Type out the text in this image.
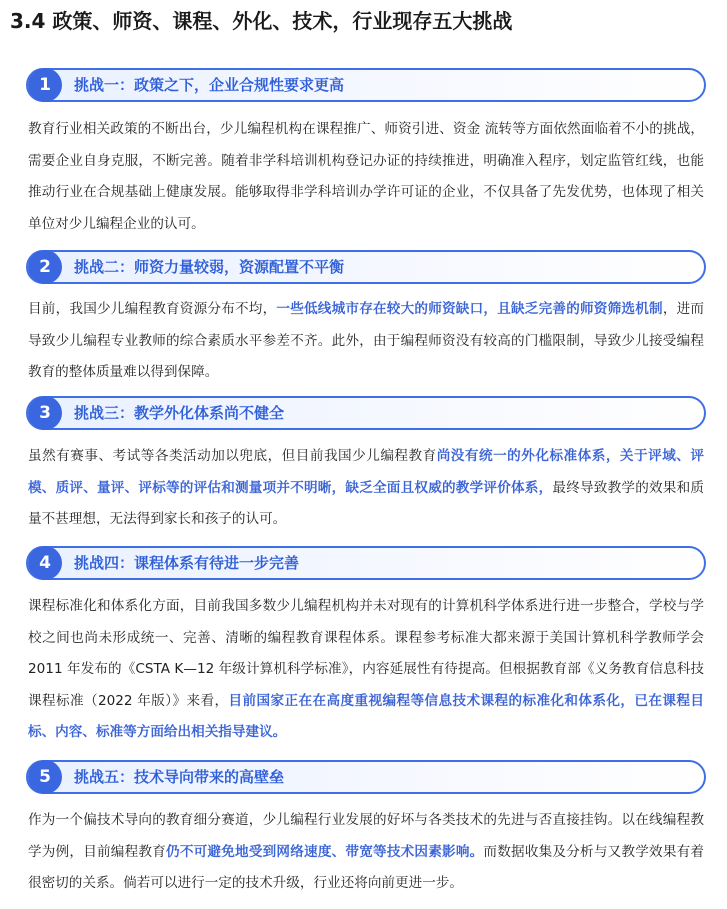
3.4 政策、师资、课程、外化、技术，行业现存五大挑战
1	挑战一：政策之下，企业合规性要求更高

教育行业相关政策的不断出台，少儿编程机构在课程推广、师资引进、资金 流转等方面依然面临着不小的挑战，需要企业自身克服，不断完善。随着非学科培训机构登记办证的持续推进，明确准入程序，划定监管红线，也能推动行业在合规基础上健康发展。能够取得非学科培训办学许可证的企业，不仅具备了先发优势，也体现了相关单位对少儿编程企业的认可。

2	挑战二：师资力量较弱，资源配置不平衡

目前，我国少儿编程教育资源分布不均，一些低线城市存在较大的师资缺口，且缺乏完善的师资筛选机制，进而导致少儿编程专业教师的综合素质水平参差不齐。此外，由于编程师资没有较高的门槛限制，导致少儿接受编程教育的整体质量难以得到保障。

3	挑战三：教学外化体系尚不健全

虽然有赛事、考试等各类活动加以兜底，但目前我国少儿编程教育尚没有统一的外化标准体系，关于评域、评模、质评、量评、评标等的评估和测量项并不明晰，缺乏全面且权威的教学评价体系，最终导致教学的效果和质量不甚理想，无法得到家长和孩子的认可。

4	挑战四：课程体系有待进一步完善

课程标准化和体系化方面，目前我国多数少儿编程机构并未对现有的计算机科学体系进行进一步整合，学校与学校之间也尚未形成统一、完善、清晰的编程教育课程体系。课程参考标准大都来源于美国计算机科学教师学会 2011 年发布的《CSTA K—12 年级计算机科学标准》，内容延展性有待提高。但根据教育部《义务教育信息科技课程标准（2022 年版）》来看，目前国家正在在高度重视编程等信息技术课程的标准化和体系化，已在课程目标、内容、标准等方面给出相关指导建议。

5	挑战五：技术导向带来的高壁垒

作为一个偏技术导向的教育细分赛道，少儿编程行业发展的好坏与各类技术的先进与否直接挂钩。以在线编程教学为例，目前编程教育仍不可避免地受到网络速度、带宽等技术因素影响。而数据收集及分析与又教学效果有着很密切的关系。倘若可以进行一定的技术升级，行业还将向前更进一步。
